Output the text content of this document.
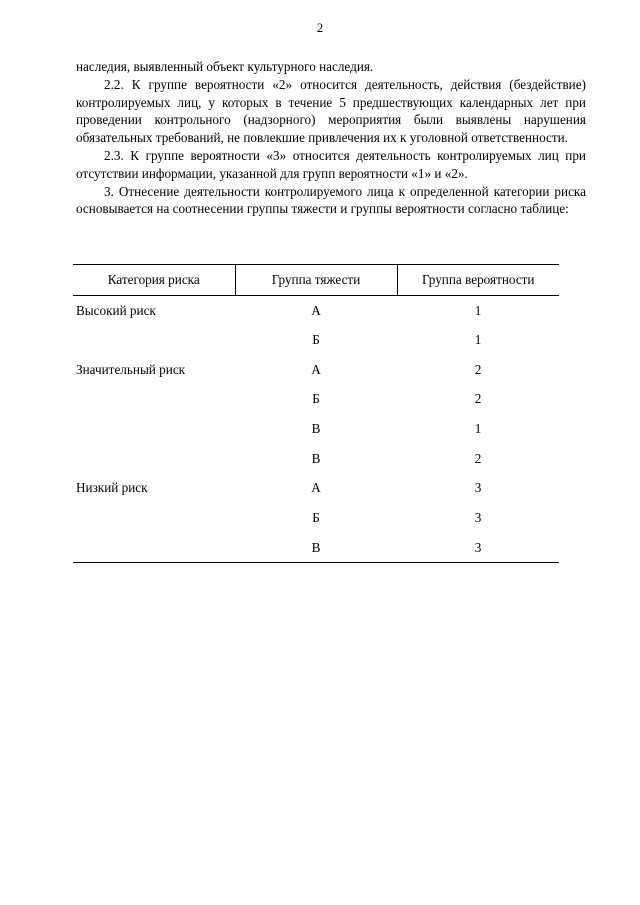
2

наследия, выявленный объект культурного наследия.

2.2. К группе вероятности «2» относится деятельность, действия (бездействие) контролируемых лиц, у которых в течение 5 предшествующих календарных лет при проведении контрольного (надзорного) мероприятия были выявлены нарушения обязательных требований, не повлекшие привлечения их к уголовной ответственности.

2.3. К группе вероятности «3» относится деятельность контролируемых лиц при отсутствии информации, указанной для групп вероятности «1» и «2».

3. Отнесение деятельности контролируемого лица к определенной категории риска основывается на соотнесении группы тяжести и группы вероятности согласно таблице:

Категория риска	Группа тяжести	Группа вероятности
Высокий риск	А	1
	Б	1
Значительный риск	А	2
	Б	2
	В	1
	В	2
Низкий риск	А	3
	Б	3
	В	3
